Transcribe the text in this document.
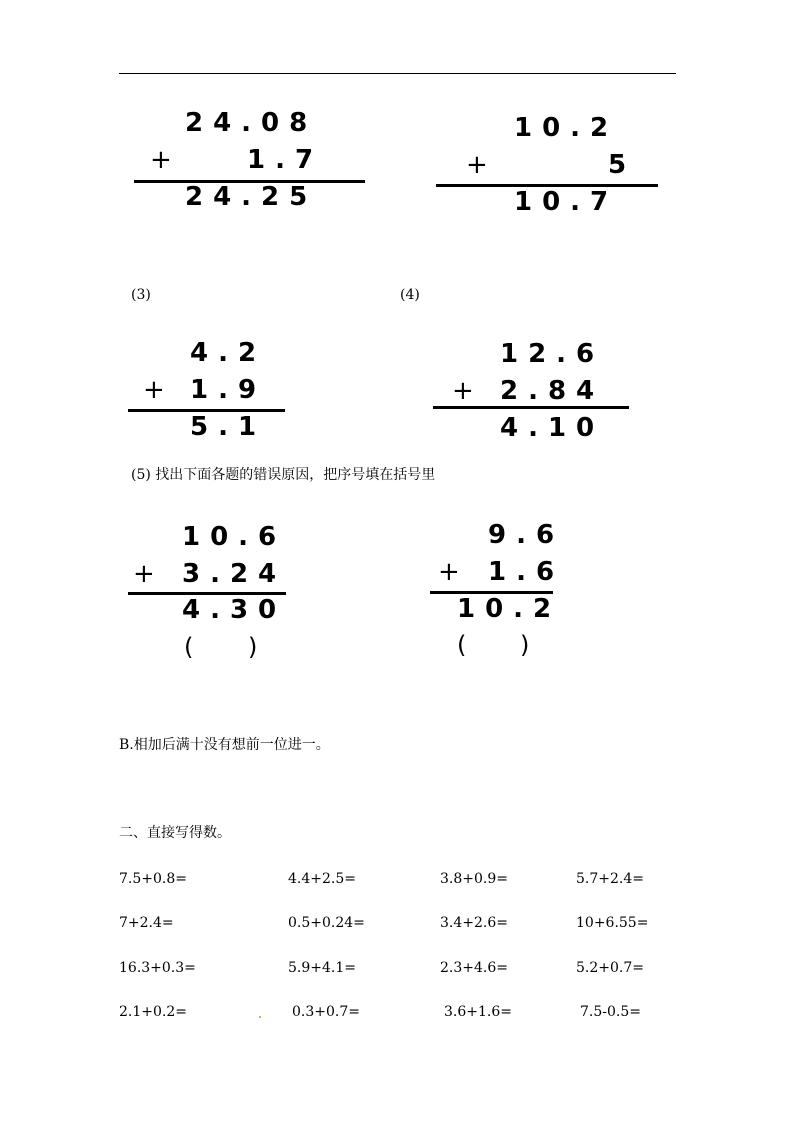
24.08
+	1.7
24.25
10.2
+	5
10.7
(3)	(4)
4.2
+ 1.9
5.1
12.6
+ 2.84
4.10
(5) 找出下面各题的错误原因，把序号填在括号里
10.6
+ 3.24
4.30
( )
9.6
+ 1.6
10.2
( )
B.相加后满十没有想前一位进一。
二、直接写得数。
7.5+0.8=	4.4+2.5=	3.8+0.9=	5.7+2.4=
7+2.4=	0.5+0.24=	3.4+2.6=	10+6.55=
16.3+0.3=	5.9+4.1=	2.3+4.6=	5.2+0.7=
2.1+0.2=	0.3+0.7=	3.6+1.6=	7.5-0.5=
